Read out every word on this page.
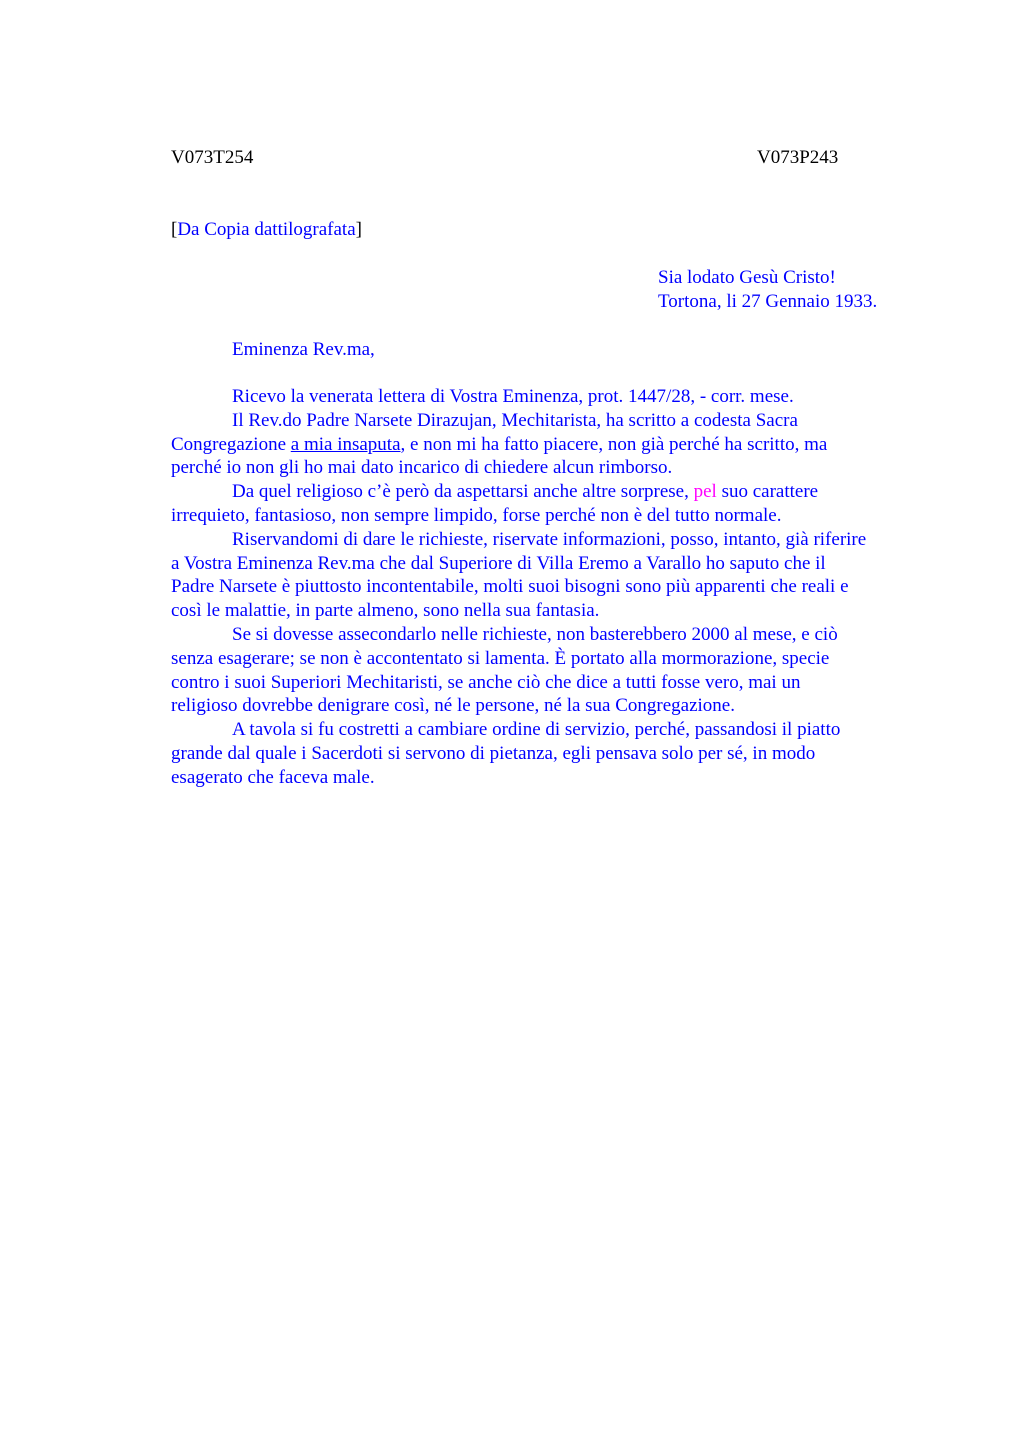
V073T254	V073P243
[Da Copia dattilografata]
Sia lodato Gesù Cristo!
Tortona, li 27 Gennaio 1933.
Eminenza Rev.ma,
Ricevo la venerata lettera di Vostra Eminenza, prot. 1447/28, - corr. mese.
Il Rev.do Padre Narsete Dirazujan, Mechitarista, ha scritto a codesta Sacra
Congregazione a mia insaputa, e non mi ha fatto piacere, non già perché ha scritto, ma
perché io non gli ho mai dato incarico di chiedere alcun rimborso.
Da quel religioso c’è però da aspettarsi anche altre sorprese, pel suo carattere
irrequieto, fantasioso, non sempre limpido, forse perché non è del tutto normale.
Riservandomi di dare le richieste, riservate informazioni, posso, intanto, già riferire
a Vostra Eminenza Rev.ma che dal Superiore di Villa Eremo a Varallo ho saputo che il
Padre Narsete è piuttosto incontentabile, molti suoi bisogni sono più apparenti che reali e
così le malattie, in parte almeno, sono nella sua fantasia.
Se si dovesse assecondarlo nelle richieste, non basterebbero 2000 al mese, e ciò
senza esagerare; se non è accontentato si lamenta. È portato alla mormorazione, specie
contro i suoi Superiori Mechitaristi, se anche ciò che dice a tutti fosse vero, mai un
religioso dovrebbe denigrare così, né le persone, né la sua Congregazione.
A tavola si fu costretti a cambiare ordine di servizio, perché, passandosi il piatto
grande dal quale i Sacerdoti si servono di pietanza, egli pensava solo per sé, in modo
esagerato che faceva male.
